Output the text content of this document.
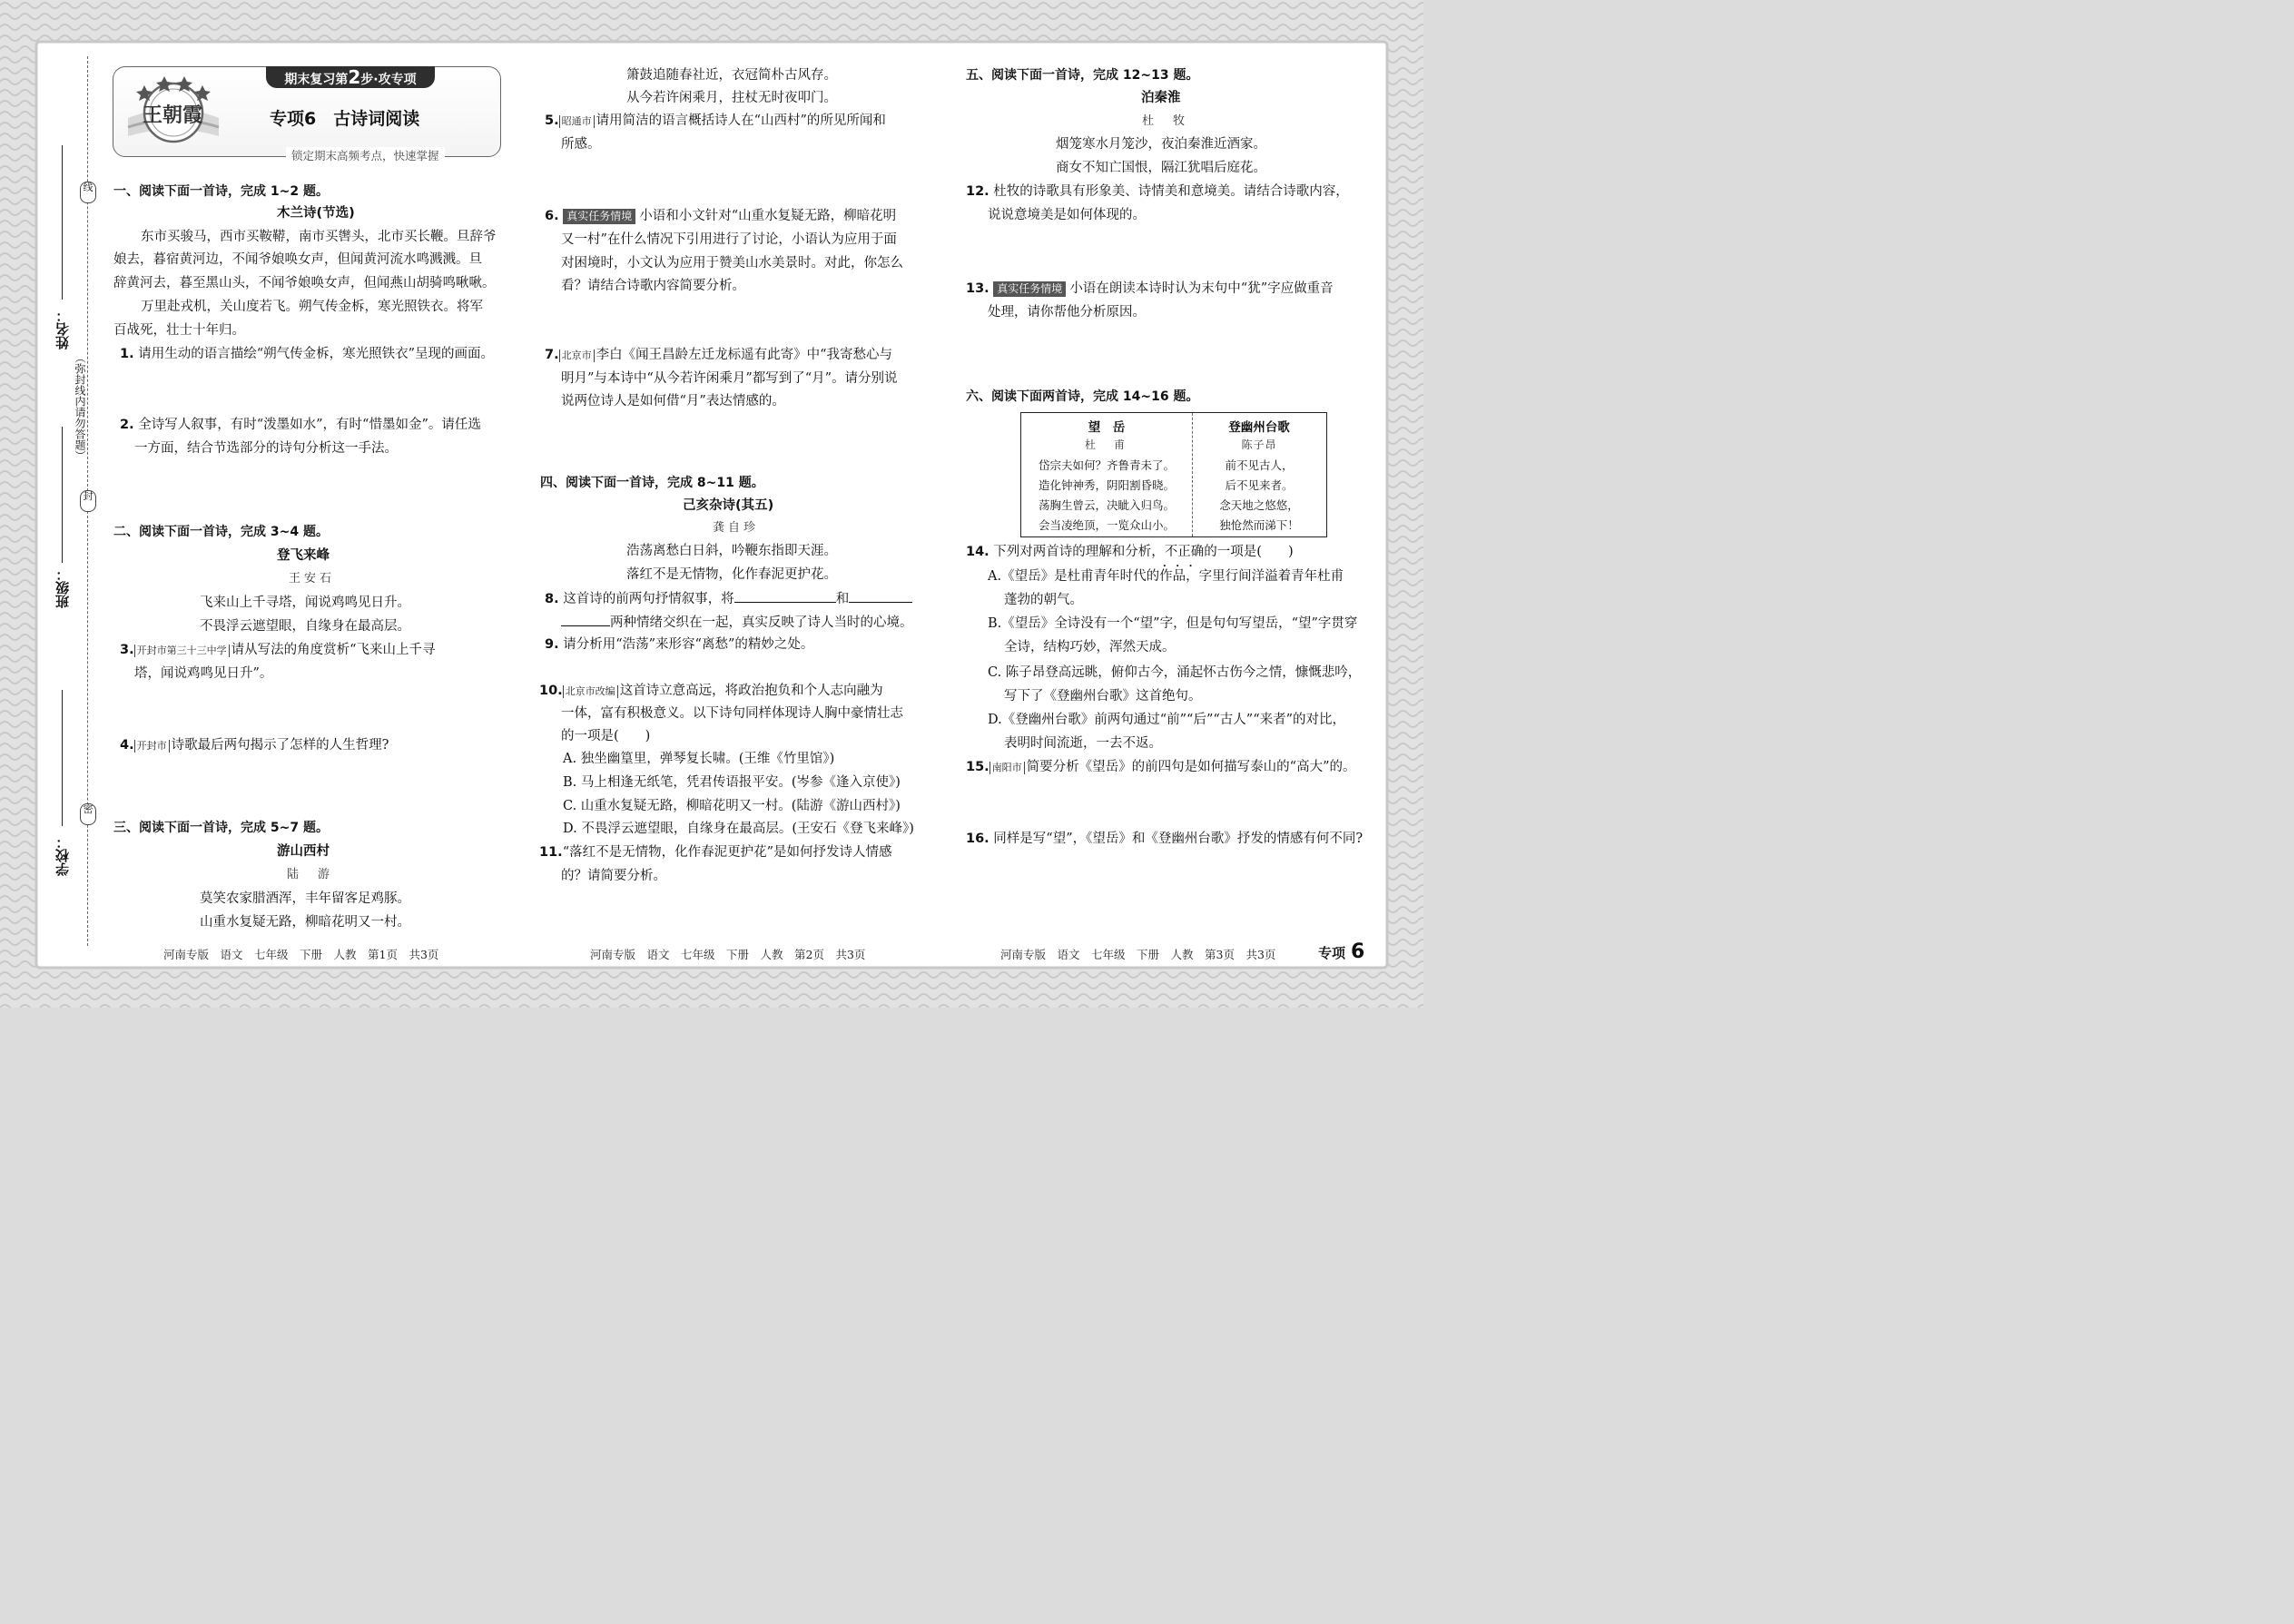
线
封
密
（弥封线内请勿答题）
姓名：
班级：
学校：
王朝霞
期末复习第2步·攻专项
专项6　古诗词阅读
锁定期末高频考点，快速掌握
一、阅读下面一首诗，完成 1~2 题。
木兰诗(节选)
东市买骏马，西市买鞍鞯，南市买辔头，北市买长鞭。旦辞爷
娘去，暮宿黄河边，不闻爷娘唤女声，但闻黄河流水鸣溅溅。旦
辞黄河去，暮至黑山头，不闻爷娘唤女声，但闻燕山胡骑鸣啾啾。
万里赴戎机，关山度若飞。朔气传金柝，寒光照铁衣。将军
百战死，壮士十年归。
1. 请用生动的语言描绘“朔气传金柝，寒光照铁衣”呈现的画面。
2. 全诗写人叙事，有时“泼墨如水”，有时“惜墨如金”。请任选
一方面，结合节选部分的诗句分析这一手法。
二、阅读下面一首诗，完成 3~4 题。
登飞来峰
王安石
飞来山上千寻塔，闻说鸡鸣见日升。
不畏浮云遮望眼，自缘身在最高层。
3. 开封市第三十三中学 请从写法的角度赏析“飞来山上千寻
塔，闻说鸡鸣见日升”。
4. 开封市 诗歌最后两句揭示了怎样的人生哲理?
三、阅读下面一首诗，完成 5~7 题。
游山西村
陆　游
莫笑农家腊酒浑，丰年留客足鸡豚。
山重水复疑无路，柳暗花明又一村。
河南专版　语文　七年级　下册　人教　第1页　共3页
箫鼓追随春社近，衣冠简朴古风存。
从今若许闲乘月，拄杖无时夜叩门。
5. 昭通市 请用简洁的语言概括诗人在“山西村”的所见所闻和
所感。
6. 真实任务情境 小语和小文针对“山重水复疑无路，柳暗花明
又一村”在什么情况下引用进行了讨论，小语认为应用于面
对困境时，小文认为应用于赞美山水美景时。对此，你怎么
看？请结合诗歌内容简要分析。
7. 北京市 李白《闻王昌龄左迁龙标遥有此寄》中“我寄愁心与
明月”与本诗中“从今若许闲乘月”都写到了“月”。请分别说
说两位诗人是如何借“月”表达情感的。
四、阅读下面一首诗，完成 8~11 题。
己亥杂诗(其五)
龚自珍
浩荡离愁白日斜，吟鞭东指即天涯。
落红不是无情物，化作春泥更护花。
8. 这首诗的前两句抒情叙事，将	和
两种情绪交织在一起，真实反映了诗人当时的心境。
9. 请分析用“浩荡”来形容“离愁”的精妙之处。
10. 北京市改编 这首诗立意高远，将政治抱负和个人志向融为
一体，富有积极意义。以下诗句同样体现诗人胸中豪情壮志
的一项是(　　)
A. 独坐幽篁里，弹琴复长啸。(王维《竹里馆》)
B. 马上相逢无纸笔，凭君传语报平安。(岑参《逢入京使》)
C. 山重水复疑无路，柳暗花明又一村。(陆游《游山西村》)
D. 不畏浮云遮望眼，自缘身在最高层。(王安石《登飞来峰》)
11.“落红不是无情物，化作春泥更护花”是如何抒发诗人情感
的？请简要分析。
河南专版　语文　七年级　下册　人教　第2页　共3页
五、阅读下面一首诗，完成 12~13 题。
泊秦淮
杜　牧
烟笼寒水月笼沙，夜泊秦淮近酒家。
商女不知亡国恨，隔江犹唱后庭花。
12. 杜牧的诗歌具有形象美、诗情美和意境美。请结合诗歌内容，
说说意境美是如何体现的。
13. 真实任务情境 小语在朗读本诗时认为末句中“犹”字应做重音
处理，请你帮他分析原因。
六、阅读下面两首诗，完成 14~16 题。
望　岳
杜　甫
岱宗夫如何？齐鲁青未了。
造化钟神秀，阴阳割昏晓。
荡胸生曾云，决眦入归鸟。
会当凌绝顶，一览众山小。
登幽州台歌
陈子昂
前不见古人，
后不见来者。
念天地之悠悠，
独怆然而涕下！
14. 下列对两首诗的理解和分析，不正确 • • •的一项是(　　)
A.《望岳》是杜甫青年时代的作品，字里行间洋溢着青年杜甫
蓬勃的朝气。
B.《望岳》全诗没有一个“望”字，但是句句写望岳，“望”字贯穿
全诗，结构巧妙，浑然天成。
C. 陈子昂登高远眺，俯仰古今，涌起怀古伤今之情，慷慨悲吟，
写下了《登幽州台歌》这首绝句。
D.《登幽州台歌》前两句通过“前”“后”“古人”“来者”的对比，
表明时间流逝，一去不返。
15. 南阳市 简要分析《望岳》的前四句是如何描写泰山的“高大”的。
16. 同样是写“望”，《望岳》和《登幽州台歌》抒发的情感有何不同?
河南专版　语文　七年级　下册　人教　第3页　共3页	专项 6
